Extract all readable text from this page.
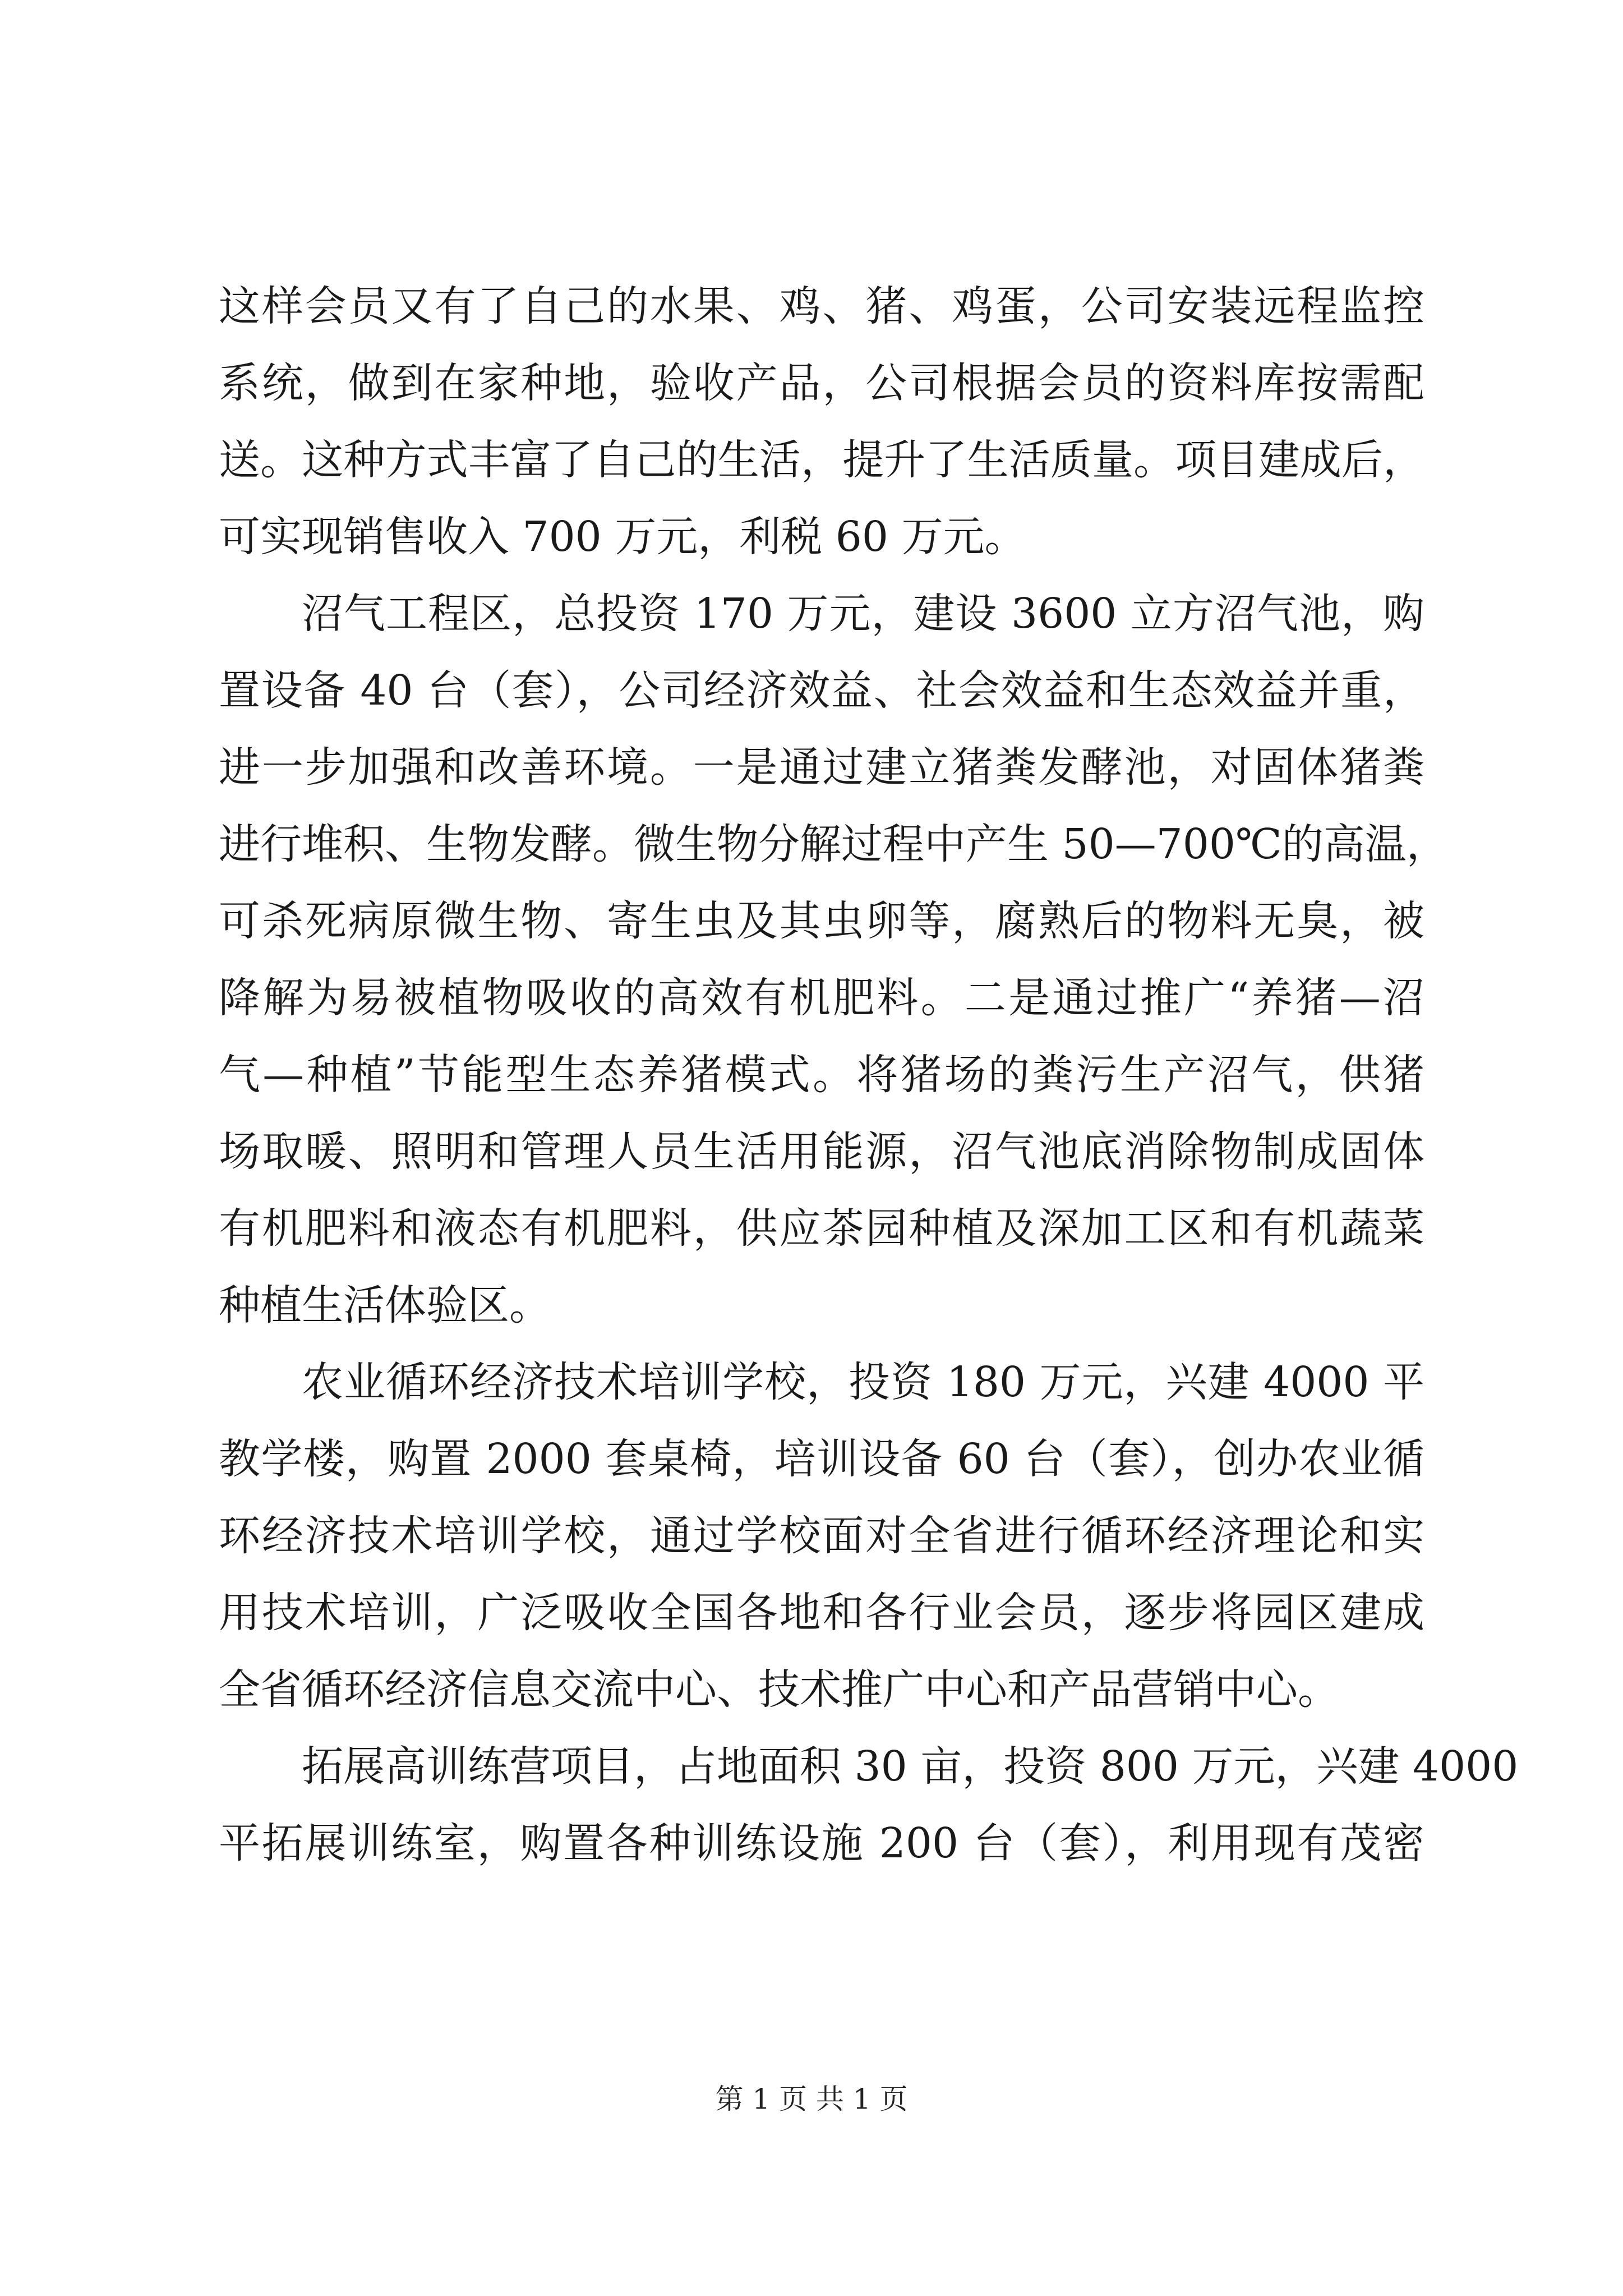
这样会员又有了自己的水果、鸡、猪、鸡蛋，公司安装远程监控

系统，做到在家种地，验收产品，公司根据会员的资料库按需配

送。这种方式丰富了自己的生活，提升了生活质量。项目建成后，

可实现销售收入 700 万元，利税 60 万元。

沼气工程区，总投资 170 万元，建设 3600 立方沼气池，购

置设备 40 台（套），公司经济效益、社会效益和生态效益并重，

进一步加强和改善环境。一是通过建立猪粪发酵池，对固体猪粪

进行堆积、生物发酵。微生物分解过程中产生 50—700℃的高温，

可杀死病原微生物、寄生虫及其虫卵等，腐熟后的物料无臭，被

降解为易被植物吸收的高效有机肥料。二是通过推广“养猪—沼

气—种植”节能型生态养猪模式。将猪场的粪污生产沼气，供猪

场取暖、照明和管理人员生活用能源，沼气池底消除物制成固体

有机肥料和液态有机肥料，供应茶园种植及深加工区和有机蔬菜

种植生活体验区。

农业循环经济技术培训学校，投资 180 万元，兴建 4000 平

教学楼，购置 2000 套桌椅，培训设备 60 台（套），创办农业循

环经济技术培训学校，通过学校面对全省进行循环经济理论和实

用技术培训，广泛吸收全国各地和各行业会员，逐步将园区建成

全省循环经济信息交流中心、技术推广中心和产品营销中心。

拓展高训练营项目，占地面积 30 亩，投资 800 万元，兴建 4000

平拓展训练室，购置各种训练设施 200 台（套），利用现有茂密

第 1 页 共 1 页
